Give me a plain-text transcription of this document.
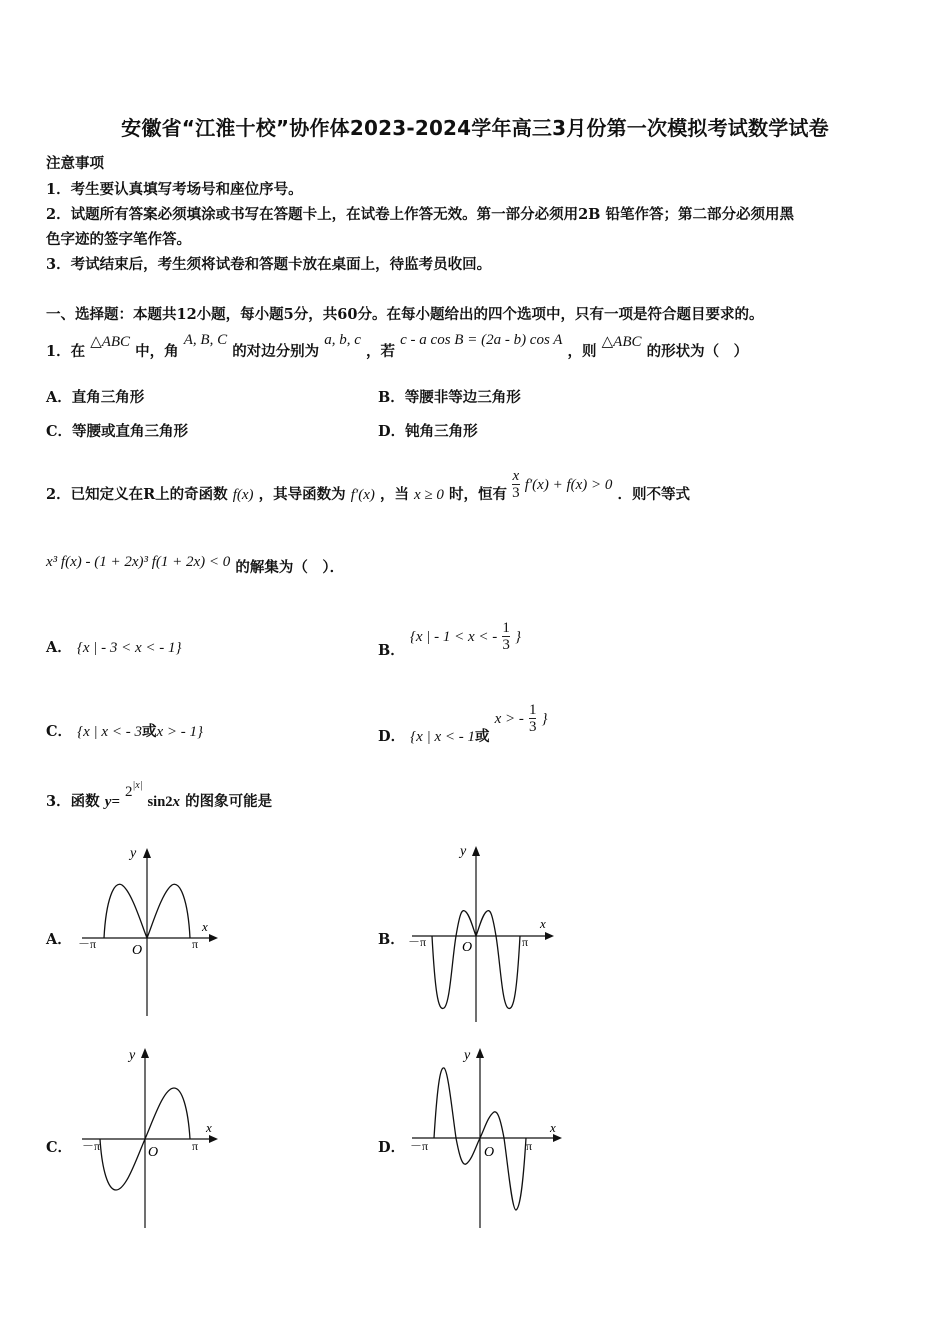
安徽省“江淮十校”协作体2023-2024学年高三3月份第一次模拟考试数学试卷
注意事项
1．考生要认真填写考场号和座位序号。
2．试题所有答案必须填涂或书写在答题卡上，在试卷上作答无效。第一部分必须用2B 铅笔作答；第二部分必须用黑
色字迹的签字笔作答。
3．考试结束后，考生须将试卷和答题卡放在桌面上，待监考员收回。
一、选择题：本题共12小题，每小题5分，共60分。在每小题给出的四个选项中，只有一项是符合题目要求的。
1．在 △ABC 中，角 A, B, C 的对边分别为 a, b, c ，若 c - a cos B = (2a - b) cos A ，则 △ABC 的形状为（　）
A．直角三角形	B．等腰非等边三角形
C．等腰或直角三角形	D．钝角三角形
2．已知定义在R上的奇函数 f(x) ，其导函数为 f′(x) ，当 x ≥ 0 时，恒有 $\frac{x}{3} f'(x) + f(x) > 0$ ．则不等式
x³ f(x) - (1 + 2x)³ f(1 + 2x) < 0 的解集为（　）．
A． {x | - 3 < x < - 1}	B． {x | - 1 < x < - $\frac{1}{3}$ }
C． {x | x < - 3或x > - 1}	D． {x | x < - 1或 x > - $\frac{1}{3}$ }
3．函数 $y= 2^{|x|}$ sin2x 的图象可能是
A．
y
x
O
－π	π	B．
y
x
O
－π	π
C．
y
x
O
－π	π	D．
y
x
O
－π	π
